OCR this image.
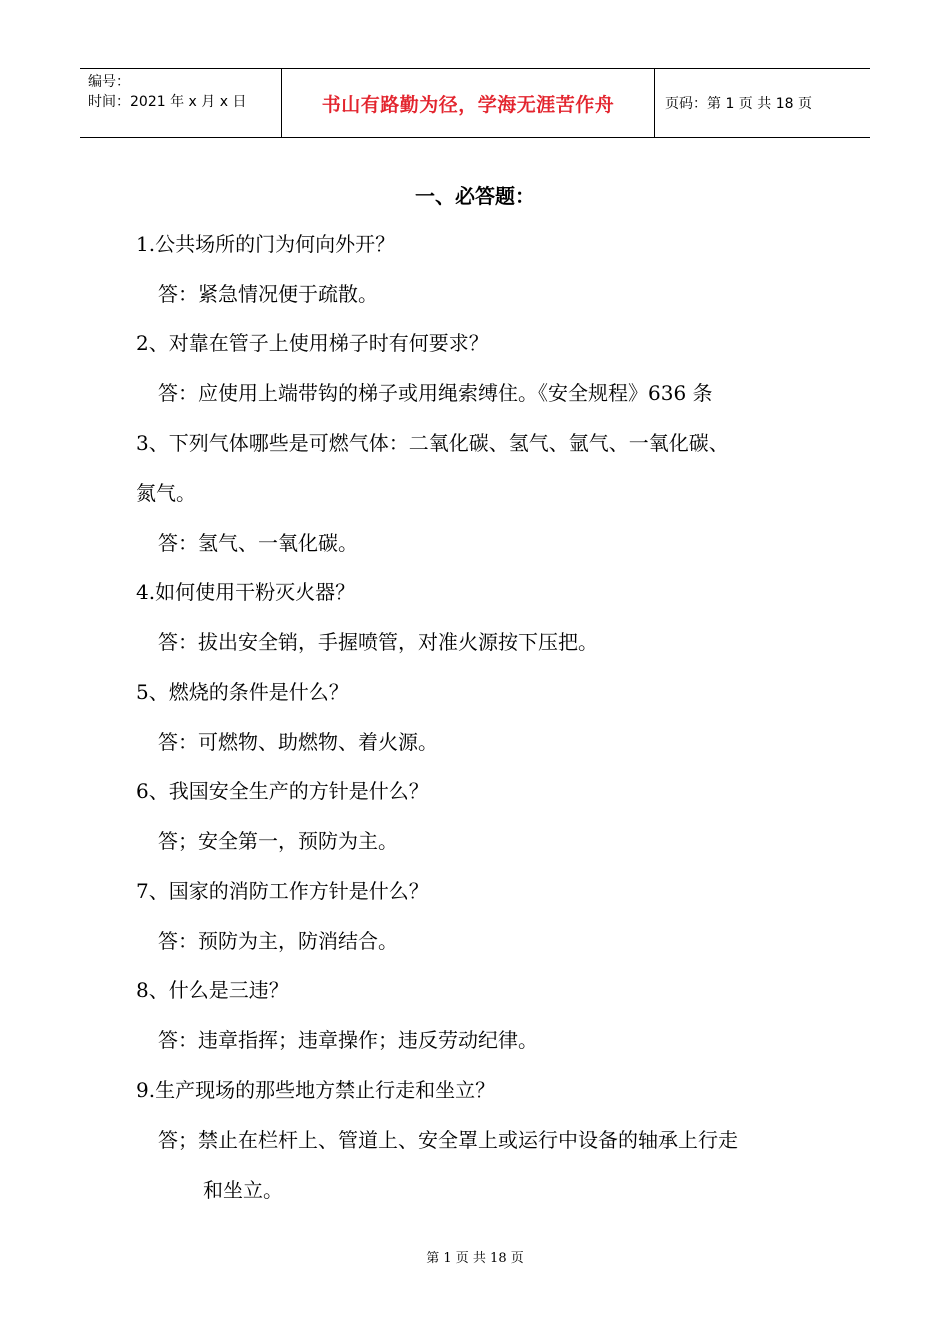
编号：
时间：2021 年 x 月 x 日	书山有路勤为径，学海无涯苦作舟	页码：第 1 页 共 18 页
一、必答题：
1.公共场所的门为何向外开？
答：紧急情况便于疏散。
2、对靠在管子上使用梯子时有何要求？
答：应使用上端带钩的梯子或用绳索缚住。《安全规程》636 条
3、下列气体哪些是可燃气体：二氧化碳、氢气、氩气、一氧化碳、
氮气。
答：氢气、一氧化碳。
4.如何使用干粉灭火器？
答：拔出安全销，手握喷管，对准火源按下压把。
5、燃烧的条件是什么？
答：可燃物、助燃物、着火源。
6、我国安全生产的方针是什么？
答；安全第一，预防为主。
7、国家的消防工作方针是什么？
答：预防为主，防消结合。
8、什么是三违？
答：违章指挥；违章操作；违反劳动纪律。
9.生产现场的那些地方禁止行走和坐立？
答；禁止在栏杆上、管道上、安全罩上或运行中设备的轴承上行走
和坐立。
第 1 页 共 18 页
